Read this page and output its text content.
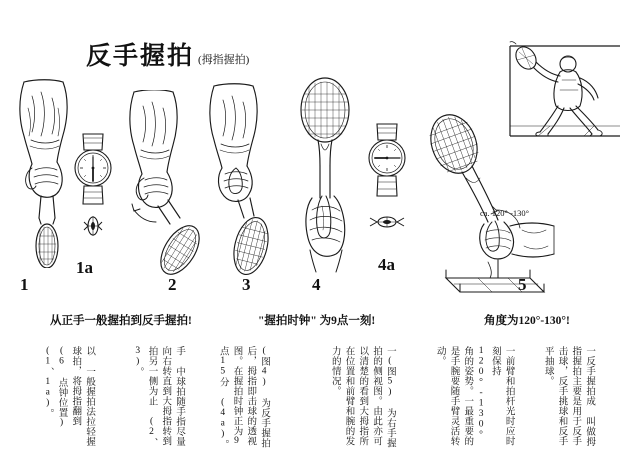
反手握拍 (拇指握拍)
1
1a
2	3	4
4a
ca. 120° -130°
5
从正手一般握拍到反手握拍!	"握拍时钟" 为9点一刻!	角度为120°-130°!
以 一般握拍法拉轻握球拍，将拇指翻到 (6 点钟位置) (1、1a)。	手 中球拍随手指尽量向右转直到大拇指转到拍另一侧为止 (2、3)。	(图4) 为反手握拍后，拇指即击球的透视图。在握拍时钟正为9点15分 (4a)。	一(图5) 为右手握拍的侧视图。由此亦可以清楚的看到大拇指所在位置和前臂和腕的发力的情况。	一前臂和拍杆光时应时刻保持120°-130°角的姿势。一最重要的是手腕要随手臂灵活转动。	一反手握拍成 叫做拇指握拍主要是用于反手击球，反手挑球和反手平抽球。
